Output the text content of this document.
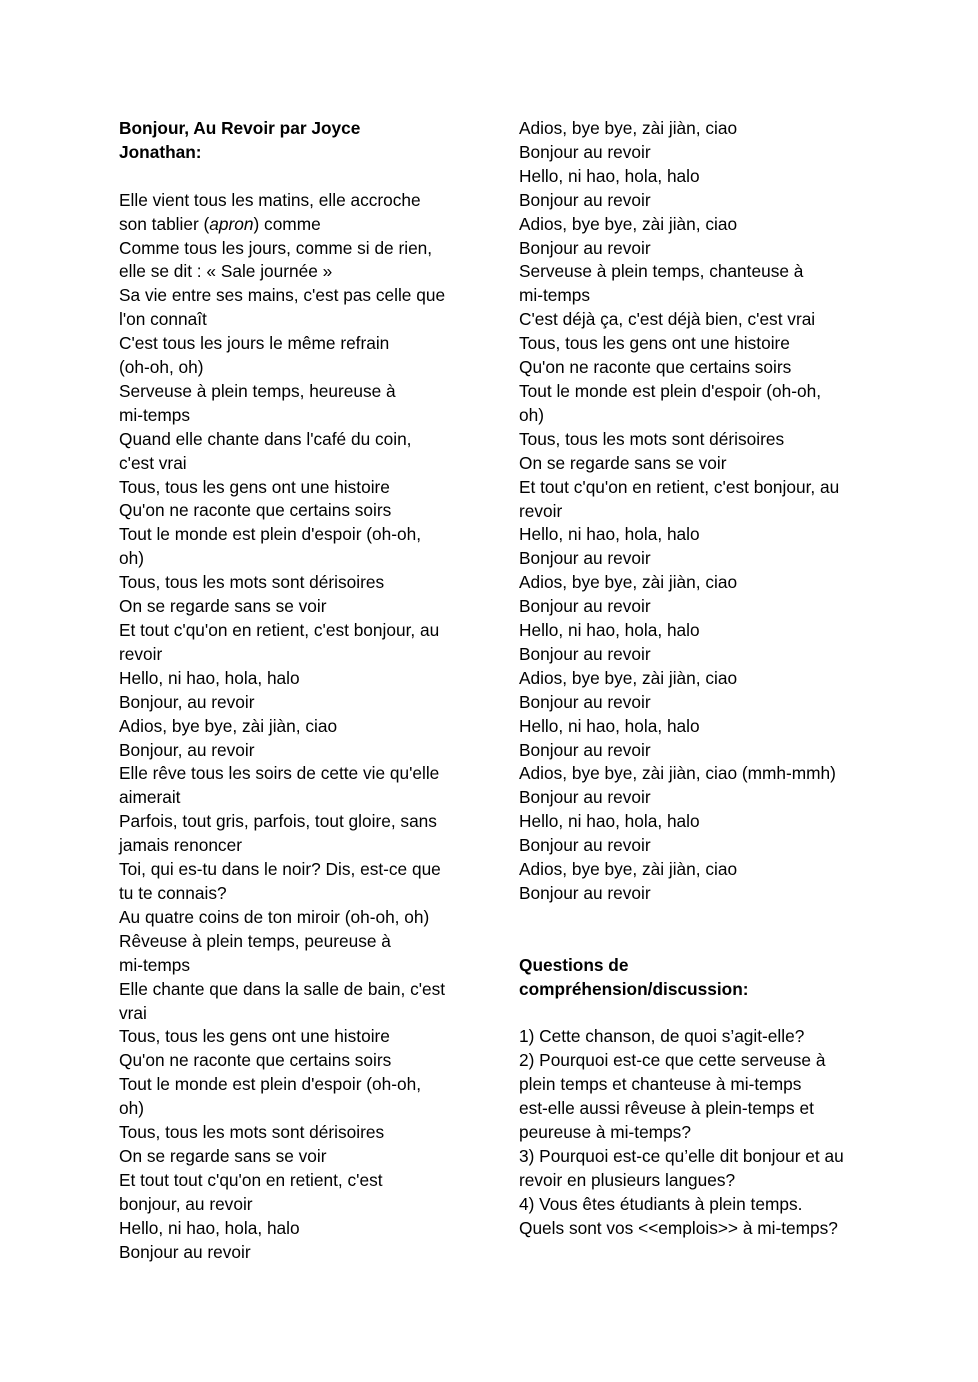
Bonjour, Au Revoir par Joyce
Jonathan:
Elle vient tous les matins, elle accroche
son tablier (apron) comme
Comme tous les jours, comme si de rien,
elle se dit : « Sale journée »
Sa vie entre ses mains, c'est pas celle que
l'on connaît
C'est tous les jours le même refrain
(oh-oh, oh)
Serveuse à plein temps, heureuse à
mi-temps
Quand elle chante dans l'café du coin,
c'est vrai
Tous, tous les gens ont une histoire
Qu'on ne raconte que certains soirs
Tout le monde est plein d'espoir (oh-oh,
oh)
Tous, tous les mots sont dérisoires
On se regarde sans se voir
Et tout c'qu'on en retient, c'est bonjour, au
revoir
Hello, ni hao, hola, halo
Bonjour, au revoir
Adios, bye bye, zài jiàn, ciao
Bonjour, au revoir
Elle rêve tous les soirs de cette vie qu'elle
aimerait
Parfois, tout gris, parfois, tout gloire, sans
jamais renoncer
Toi, qui es-tu dans le noir? Dis, est-ce que
tu te connais?
Au quatre coins de ton miroir (oh-oh, oh)
Rêveuse à plein temps, peureuse à
mi-temps
Elle chante que dans la salle de bain, c'est
vrai
Tous, tous les gens ont une histoire
Qu'on ne raconte que certains soirs
Tout le monde est plein d'espoir (oh-oh,
oh)
Tous, tous les mots sont dérisoires
On se regarde sans se voir
Et tout tout c'qu'on en retient, c'est
bonjour, au revoir
Hello, ni hao, hola, halo
Bonjour au revoir
Adios, bye bye, zài jiàn, ciao
Bonjour au revoir
Hello, ni hao, hola, halo
Bonjour au revoir
Adios, bye bye, zài jiàn, ciao
Bonjour au revoir
Serveuse à plein temps, chanteuse à
mi-temps
C'est déjà ça, c'est déjà bien, c'est vrai
Tous, tous les gens ont une histoire
Qu'on ne raconte que certains soirs
Tout le monde est plein d'espoir (oh-oh,
oh)
Tous, tous les mots sont dérisoires
On se regarde sans se voir
Et tout c'qu'on en retient, c'est bonjour, au
revoir
Hello, ni hao, hola, halo
Bonjour au revoir
Adios, bye bye, zài jiàn, ciao
Bonjour au revoir
Hello, ni hao, hola, halo
Bonjour au revoir
Adios, bye bye, zài jiàn, ciao
Bonjour au revoir
Hello, ni hao, hola, halo
Bonjour au revoir
Adios, bye bye, zài jiàn, ciao (mmh-mmh)
Bonjour au revoir
Hello, ni hao, hola, halo
Bonjour au revoir
Adios, bye bye, zài jiàn, ciao
Bonjour au revoir
Questions de
compréhension/discussion:
1) Cette chanson, de quoi s’agit-elle?
2) Pourquoi est-ce que cette serveuse à
plein temps et chanteuse à mi-temps
est-elle aussi rêveuse à plein-temps et
peureuse à mi-temps?
3) Pourquoi est-ce qu’elle dit bonjour et au
revoir en plusieurs langues?
4) Vous êtes étudiants à plein temps.
Quels sont vos <<emplois>> à mi-temps?
